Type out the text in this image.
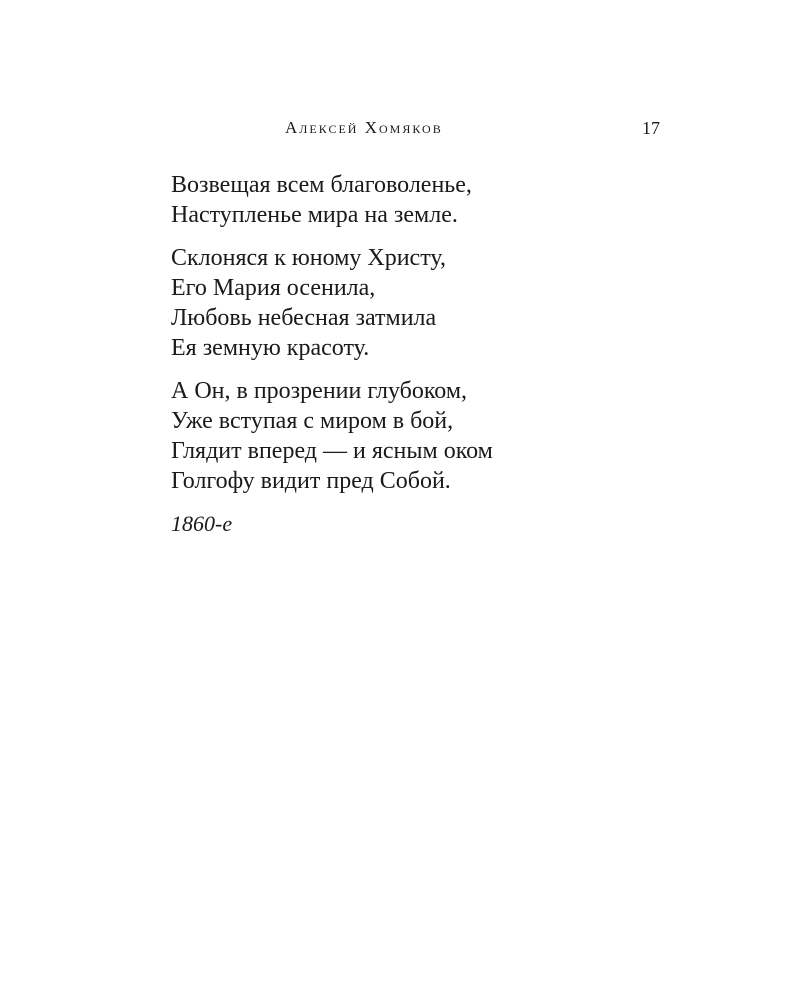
Алексей Хомяков	17
Возвещая всем благоволенье,
Наступленье мира на земле.
Склоняся к юному Христу,
Его Мария осенила,
Любовь небесная затмила
Ея земную красоту.
А Он, в прозрении глубоком,
Уже вступая с миром в бой,
Глядит вперед — и ясным оком
Голгофу видит пред Собой.
1860-е
